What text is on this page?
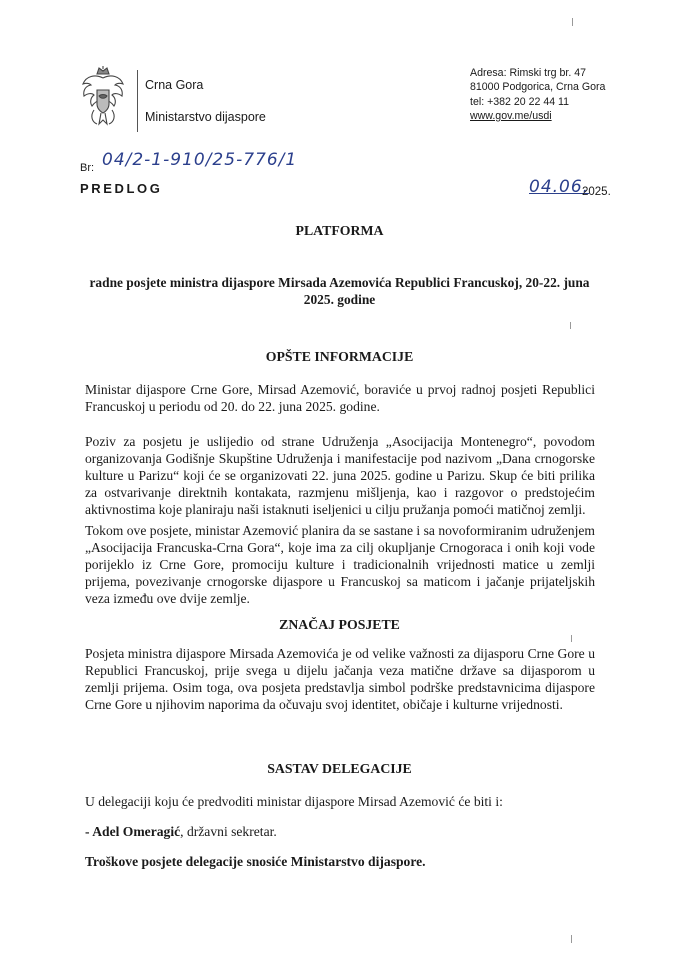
Crna Gora
Ministarstvo dijaspore
Adresa: Rimski trg br. 47
81000 Podgorica, Crna Gora
tel: +382 20 22 44 11
www.gov.me/usdi
Br: 04/2-1-910/25-776/1
PREDLOG	04.06.
2025.
PLATFORMA
radne posjete ministra dijaspore Mirsada Azemovića Republici Francuskoj, 20-22. juna
2025. godine
OPŠTE INFORMACIJE
Ministar dijaspore Crne Gore, Mirsad Azemović, boraviće u prvoj radnoj posjeti Republici Francuskoj u periodu od 20. do 22. juna 2025. godine.
Poziv za posjetu je uslijedio od strane Udruženja „Asocijacija Montenegro“, povodom organizovanja Godišnje Skupštine Udruženja i manifestacije pod nazivom „Dana crnogorske kulture u Parizu“ koji će se organizovati 22. juna 2025. godine u Parizu. Skup će biti prilika za ostvarivanje direktnih kontakata, razmjenu mišljenja, kao i razgovor o predstojećim aktivnostima koje planiraju naši istaknuti iseljenici u cilju pružanja pomoći matičnoj zemlji.
Tokom ove posjete, ministar Azemović planira da se sastane i sa novoformiranim udruženjem „Asocijacija Francuska-Crna Gora“, koje ima za cilj okupljanje Crnogoraca i onih koji vode porijeklo iz Crne Gore, promociju kulture i tradicionalnih vrijednosti matice u zemlji prijema, povezivanje crnogorske dijaspore u Francuskoj sa maticom i jačanje prijateljskih veza između ove dvije zemlje.
ZNAČAJ POSJETE
Posjeta ministra dijaspore Mirsada Azemovića je od velike važnosti za dijasporu Crne Gore u Republici Francuskoj, prije svega u dijelu jačanja veza matične države sa dijasporom u zemlji prijema. Osim toga, ova posjeta predstavlja simbol podrške predstavnicima dijaspore Crne Gore u njihovim naporima da očuvaju svoj identitet, običaje i kulturne vrijednosti.
SASTAV DELEGACIJE
U delegaciji koju će predvoditi ministar dijaspore Mirsad Azemović će biti i:
- Adel Omeragić, državni sekretar.
Troškove posjete delegacije snosiće Ministarstvo dijaspore.
